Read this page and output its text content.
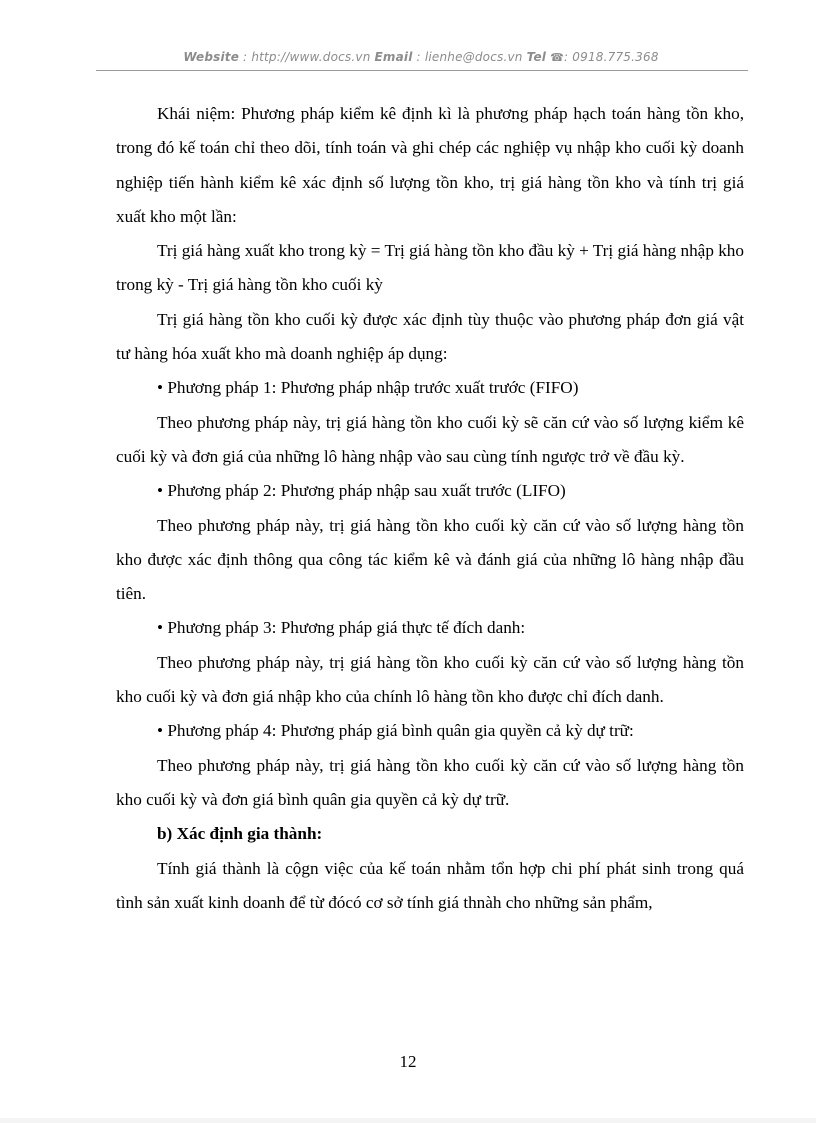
Website : http://www.docs.vn Email : lienhe@docs.vn Tel ☎: 0918.775.368

Khái niệm: Phương pháp kiểm kê định kì là phương pháp hạch toán hàng tồn kho, trong đó kế toán chỉ theo dõi, tính toán và ghi chép các nghiệp vụ nhập kho cuối kỳ doanh nghiệp tiến hành kiểm kê xác định số lượng tồn kho, trị giá hàng tồn kho và tính trị giá xuất kho một lần:

Trị giá hàng xuất kho trong kỳ = Trị giá hàng tồn kho đầu kỳ + Trị giá hàng nhập kho trong kỳ - Trị giá hàng tồn kho cuối kỳ

Trị giá hàng tồn kho cuối kỳ được xác định tùy thuộc vào phương pháp đơn giá vật tư hàng hóa xuất kho mà doanh nghiệp áp dụng:

• Phương pháp 1: Phương pháp nhập trước xuất trước (FIFO)

Theo phương pháp này, trị giá hàng tồn kho cuối kỳ sẽ căn cứ vào số lượng kiểm kê cuối kỳ và đơn giá của những lô hàng nhập vào sau cùng tính ngược trở về đầu kỳ.

• Phương pháp 2: Phương pháp nhập sau xuất trước (LIFO)

Theo phương pháp này, trị giá hàng tồn kho cuối kỳ căn cứ vào số lượng hàng tồn kho được xác định thông qua công tác kiểm kê và đánh giá của những lô hàng nhập đầu tiên.

• Phương pháp 3: Phương pháp giá thực tế đích danh:

Theo phương pháp này, trị giá hàng tồn kho cuối kỳ căn cứ vào số lượng hàng tồn kho cuối kỳ và đơn giá nhập kho của chính lô hàng tồn kho được chỉ đích danh.

• Phương pháp 4: Phương pháp giá bình quân gia quyền cả kỳ dự trữ:

Theo phương pháp này, trị giá hàng tồn kho cuối kỳ căn cứ vào số lượng hàng tồn kho cuối kỳ và đơn giá bình quân gia quyền cả kỳ dự trữ.

b) Xác định gia thành:

Tính giá thành là cộgn việc của kế toán nhằm tổn hợp chi phí phát sinh trong quá tình sản xuất kinh doanh để từ đócó cơ sở tính giá thnàh cho những sản phẩm,

12
